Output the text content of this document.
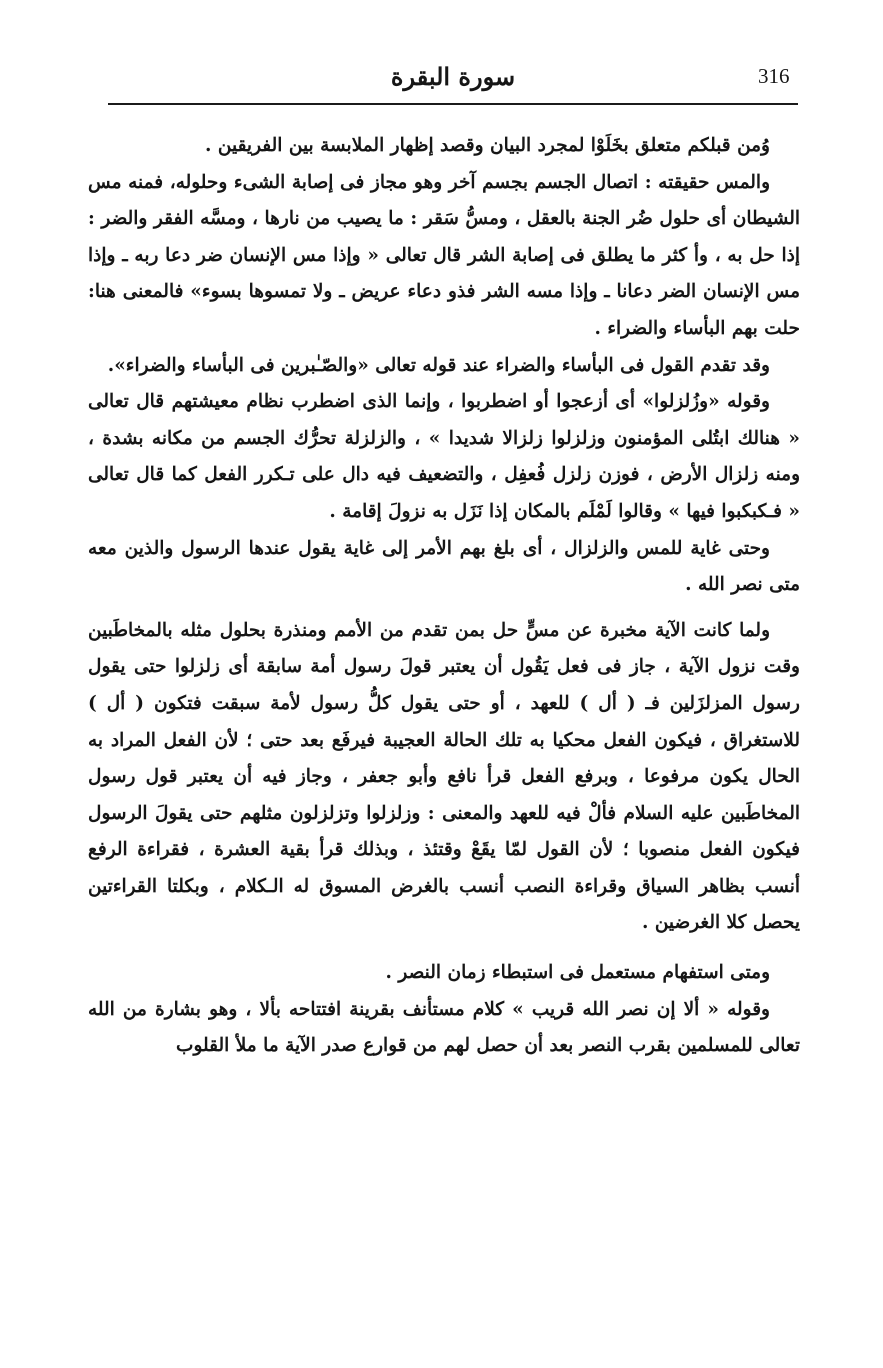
316
سورة البقرة

وُمن قبلكم متعلق بخَلَوْا لمجرد البيان وقصد إظهار الملابسة بين الفريقين .

والمس حقيقته : اتصال الجسم بجسم آخر وهو مجاز فى إصابة الشىء وحلوله، فمنه مس الشيطان أى حلول ضُر الجنة بالعقل ، ومسُّ سَقر : ما يصيب من نارها ، ومسَّه الفقر والضر : إذا حل به ، وأ كثر ما يطلق فى إصابة الشر قال تعالى « وإذا مس الإنسان ضر دعا ربه ـ وإذا مس الإنسان الضر دعانا ـ وإذا مسه الشر فذو دعاء عريض ـ ولا تمسوها بسوء» فالمعنى هنا: حلت بهم البأساء والضراء .

وقد تقدم القول فى البأساء والضراء عند قوله تعالى «والصّـٰبرين فى البأساء والضراء».

وقوله «وزُلزلوا» أى أزعجوا أو اضطربوا ، وإنما الذى اضطرب نظام معيشتهم قال تعالى « هنالك ابتُلى المؤمنون وزلزلوا زلزالا شديدا » ، والزلزلة تحرُّك الجسم من مكانه بشدة ، ومنه زلزال الأرض ، فوزن زلزل فُعفِل ، والتضعيف فيه دال على تـكرر الفعل كما قال تعالى « فـكبكبوا فيها » وقالوا لَمْلَم بالمكان إذا نَزَل به نزولَ إقامة .

وحتى غاية للمس والزلزال ، أى بلغ بهم الأمر إلى غاية يقول عندها الرسول والذين معه متى نصر الله .

ولما كانت الآية مخبرة عن مسٍّ حل بمن تقدم من الأمم ومنذرة بحلول مثله بالمخاطَبين وقت نزول الآية ، جاز فى فعل يَقُول أن يعتبر قولَ رسول أمة سابقة أى زلزلوا حتى يقول رسول المزلزَلين فـ ( أل ) للعهد ، أو حتى يقول كلُّ رسول لأمة سبقت فتكون ( أل ) للاستغراق ، فيكون الفعل محكيا به تلك الحالة العجيبة فيرفَع بعد حتى ؛ لأن الفعل المراد به الحال يكون مرفوعا ، وبرفع الفعل قرأ نافع وأبو جعفر ، وجاز فيه أن يعتبر قول رسول المخاطَبين عليه السلام فألْ فيه للعهد والمعنى : وزلزلوا وتزلزلون مثلهم حتى يقولَ الرسول فيكون الفعل منصوبا ؛ لأن القول لمّا يقَعْ وقتئذ ، وبذلك قرأ بقية العشرة ، فقراءة الرفع أنسب بظاهر السياق وقراءة النصب أنسب بالغرض المسوق له الـكلام ، وبكلتا القراءتين يحصل كلا الغرضين .

ومتى استفهام مستعمل فى استبطاء زمان النصر .

وقوله « ألا إن نصر الله قريب » كلام مستأنف بقرينة افتتاحه بألا ، وهو بشارة من الله تعالى للمسلمين بقرب النصر بعد أن حصل لهم من قوارع صدر الآية ما ملأ القلوب
